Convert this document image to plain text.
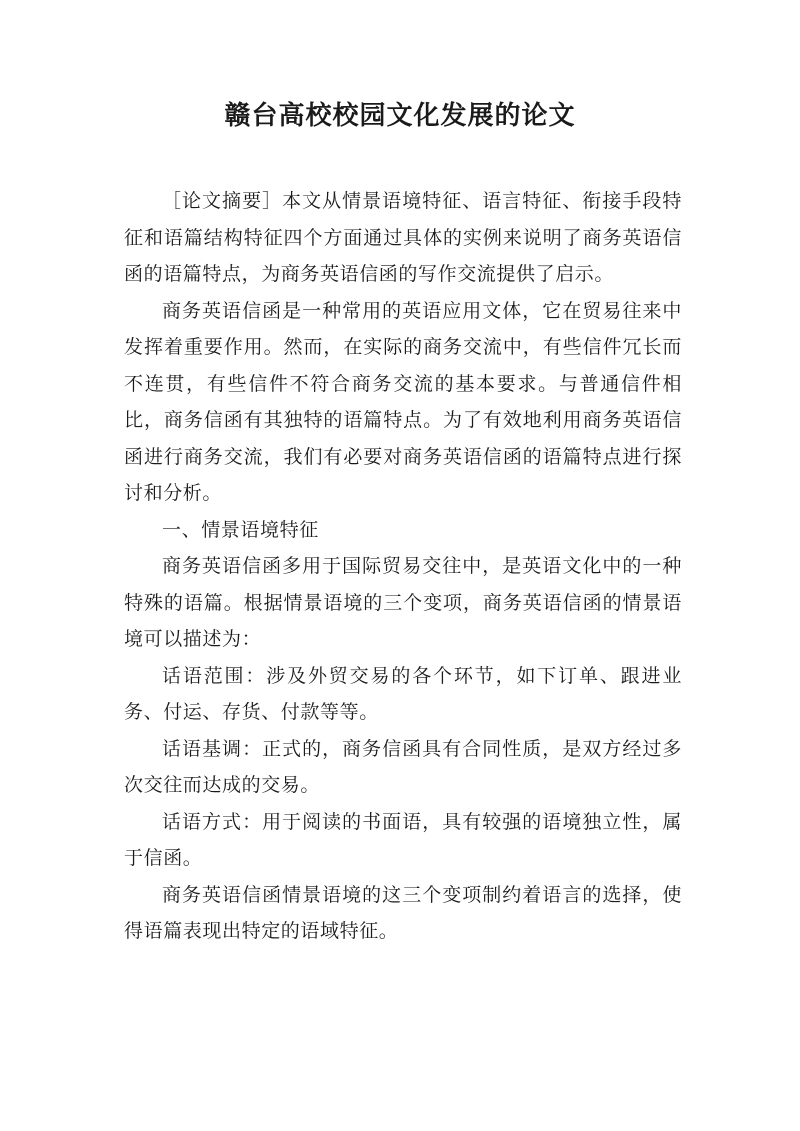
赣台高校校园文化发展的论文

［论文摘要］本文从情景语境特征、语言特征、衔接手段特征和语篇结构特征四个方面通过具体的实例来说明了商务英语信函的语篇特点，为商务英语信函的写作交流提供了启示。

商务英语信函是一种常用的英语应用文体，它在贸易往来中发挥着重要作用。然而，在实际的商务交流中，有些信件冗长而不连贯，有些信件不符合商务交流的基本要求。与普通信件相比，商务信函有其独特的语篇特点。为了有效地利用商务英语信函进行商务交流，我们有必要对商务英语信函的语篇特点进行探讨和分析。

一、情景语境特征

商务英语信函多用于国际贸易交往中，是英语文化中的一种特殊的语篇。根据情景语境的三个变项，商务英语信函的情景语境可以描述为：

话语范围：涉及外贸交易的各个环节，如下订单、跟进业务、付运、存货、付款等等。

话语基调：正式的，商务信函具有合同性质，是双方经过多次交往而达成的交易。

话语方式：用于阅读的书面语，具有较强的语境独立性，属于信函。

商务英语信函情景语境的这三个变项制约着语言的选择，使得语篇表现出特定的语域特征。
